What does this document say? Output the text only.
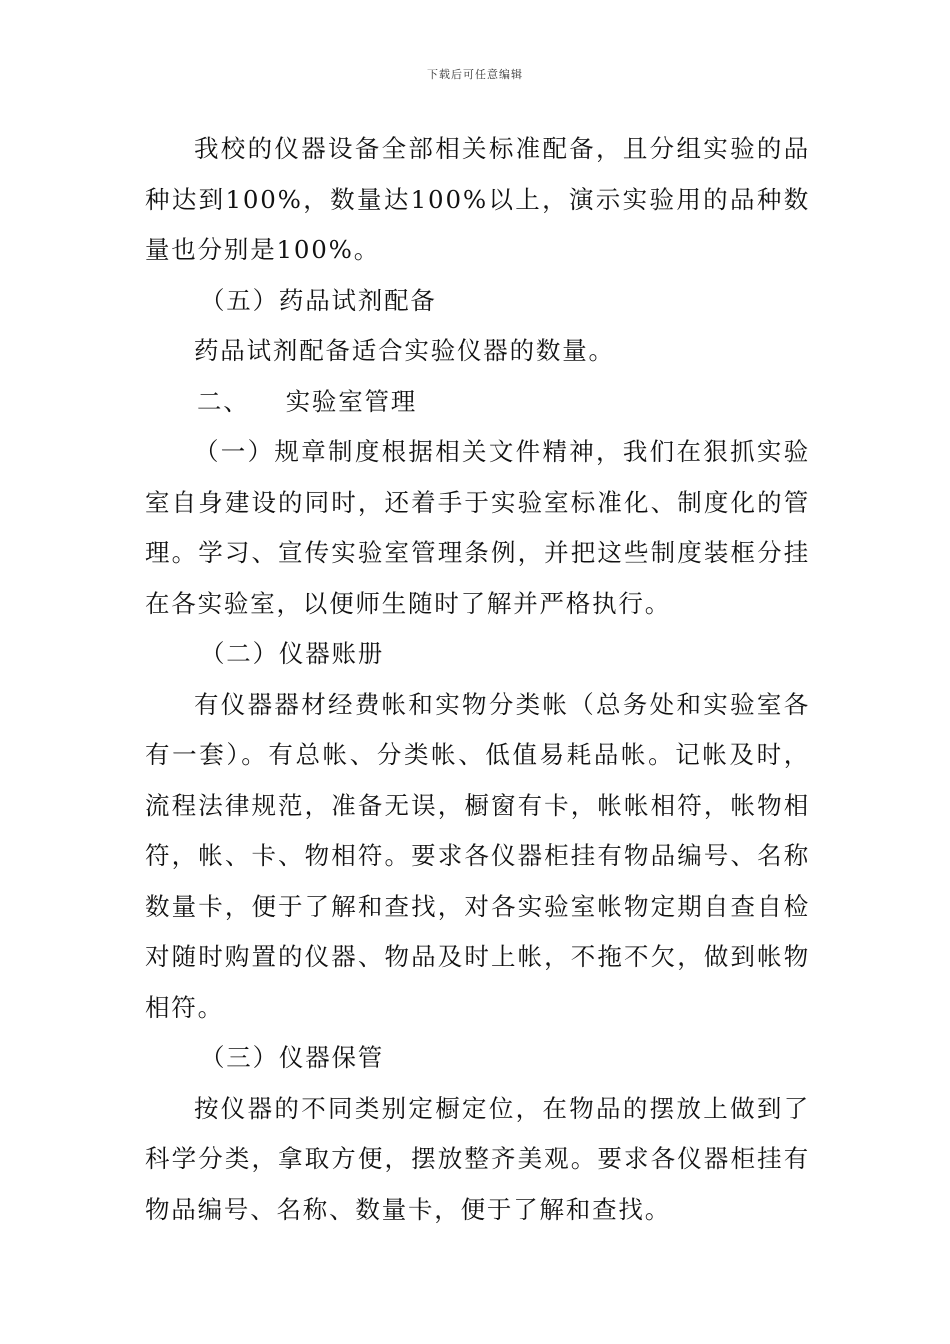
下载后可任意编辑

我校的仪器设备全部相关标准配备，且分组实验的品种达到100%，数量达100%以上，演示实验用的品种数量也分别是100%。

（五）药品试剂配备

药品试剂配备适合实验仪器的数量。

二、 实验室管理

（一）规章制度根据相关文件精神，我们在狠抓实验室自身建设的同时，还着手于实验室标准化、制度化的管理。学习、宣传实验室管理条例，并把这些制度装框分挂在各实验室，以便师生随时了解并严格执行。

（二）仪器账册

有仪器器材经费帐和实物分类帐（总务处和实验室各有一套）。有总帐、分类帐、低值易耗品帐。记帐及时，流程法律规范，准备无误，橱窗有卡，帐帐相符，帐物相符，帐、卡、物相符。要求各仪器柜挂有物品编号、名称数量卡，便于了解和查找，对各实验室帐物定期自查自检对随时购置的仪器、物品及时上帐，不拖不欠，做到帐物相符。

（三）仪器保管

按仪器的不同类别定橱定位，在物品的摆放上做到了科学分类，拿取方便，摆放整齐美观。要求各仪器柜挂有物品编号、名称、数量卡，便于了解和查找。
